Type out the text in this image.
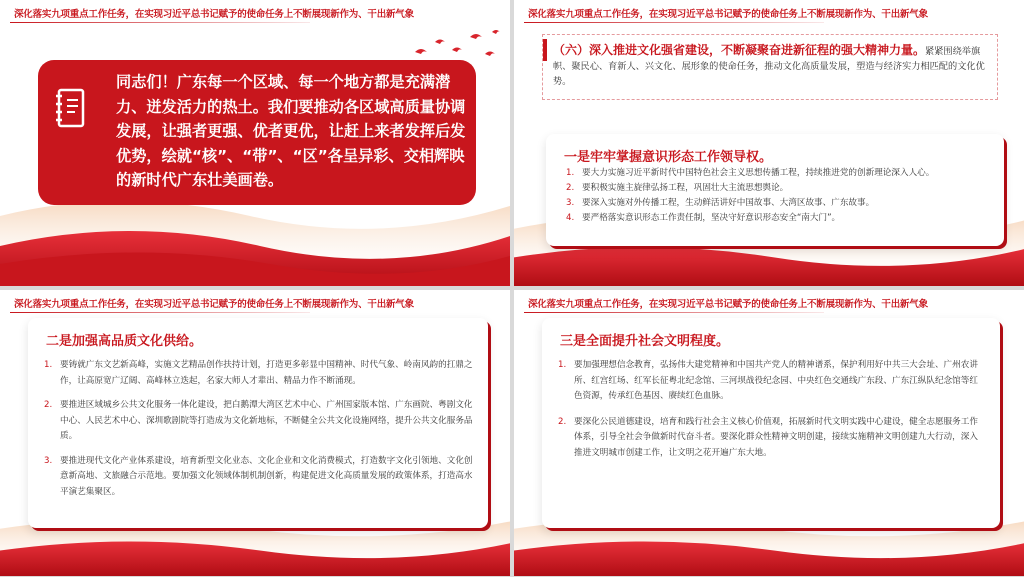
深化落实九项重点工作任务，在实现习近平总书记赋予的使命任务上不断展现新作为、干出新气象
同志们！广东每一个区域、每一个地方都是充满潜力、迸发活力的热土。我们要推动各区域高质量协调发展，让强者更强、优者更优，让赶上来者发挥后发优势，绘就“核”、“带”、“区”各呈异彩、交相辉映的新时代广东壮美画卷。
深化落实九项重点工作任务，在实现习近平总书记赋予的使命任务上不断展现新作为、干出新气象
（六）深入推进文化强省建设，不断凝聚奋进新征程的强大精神力量。紧紧围绕举旗帜、聚民心、育新人、兴文化、展形象的使命任务，推动文化高质量发展，塑造与经济实力相匹配的文化优势。
一是牢牢掌握意识形态工作领导权。
1. 要大力实施习近平新时代中国特色社会主义思想传播工程，持续推进党的创新理论深入人心。
2. 要积极实施主旋律弘扬工程，巩固壮大主流思想舆论。
3. 要深入实施对外传播工程，生动鲜活讲好中国故事、大湾区故事、广东故事。
4. 要严格落实意识形态工作责任制，坚决守好意识形态安全“南大门”。
深化落实九项重点工作任务，在实现习近平总书记赋予的使命任务上不断展现新作为、干出新气象
二是加强高品质文化供给。
1. 要铸就广东文艺新高峰，实施文艺精品创作扶持计划，打造更多彰显中国精神、时代气象、岭南风韵的扛鼎之作，让高原宽广辽阔、高峰林立迭起，名家大师人才辈出、精品力作不断涌现。
2. 要推进区域城乡公共文化服务一体化建设，把白鹅潭大湾区艺术中心、广州国家版本馆、广东画院、粤剧文化中心、人民艺术中心、深圳歌剧院等打造成为文化新地标，不断健全公共文化设施网络，提升公共文化服务品质。
3. 要推进现代文化产业体系建设，培育新型文化业态、文化企业和文化消费模式，打造数字文化引领地、文化创意新高地、文旅融合示范地。要加强文化领域体制机制创新，构建促进文化高质量发展的政策体系，打造高水平演艺集聚区。
深化落实九项重点工作任务，在实现习近平总书记赋予的使命任务上不断展现新作为、干出新气象
三是全面提升社会文明程度。
1. 要加强理想信念教育，弘扬伟大建党精神和中国共产党人的精神谱系，保护利用好中共三大会址、广州农讲所、红宫红场、红军长征粤北纪念馆、三河坝战役纪念园、中央红色交通线广东段、广东江纵队纪念馆等红色资源，传承红色基因、赓续红色血脉。
2. 要深化公民道德建设，培育和践行社会主义核心价值观，拓展新时代文明实践中心建设，健全志愿服务工作体系，引导全社会争做新时代奋斗者。要深化群众性精神文明创建，接续实施精神文明创建九大行动，深入推进文明城市创建工作，让文明之花开遍广东大地。
